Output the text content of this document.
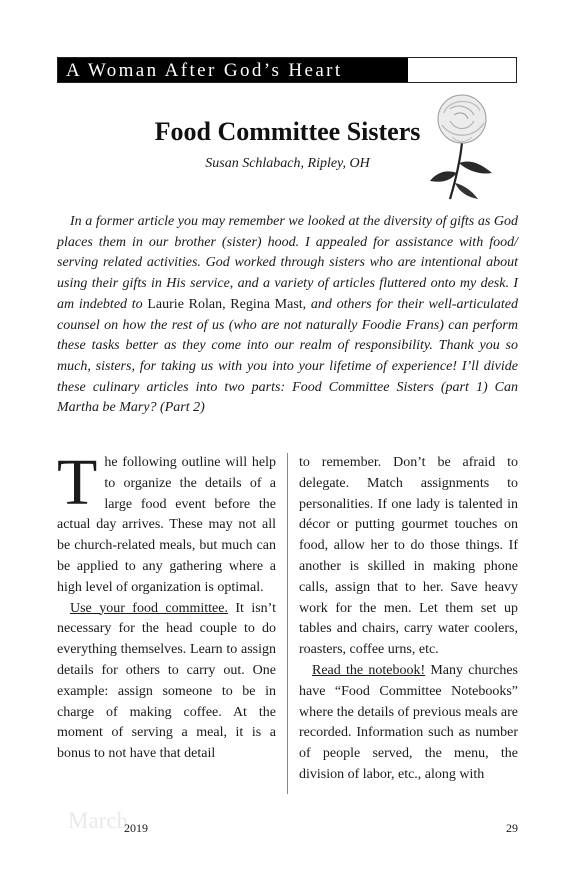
A Woman After God’s Heart
Food Committee Sisters
Susan Schlabach, Ripley, OH

In a former article you may remember we looked at the diversity of gifts as God places them in our brother (sister) hood. I appealed for assistance with food/ serving related activities. God worked through sisters who are intentional about using their gifts in His service, and a variety of articles fluttered onto my desk. I am indebted to Laurie Rolan, Regina Mast, and others for their well-articulated counsel on how the rest of us (who are not naturally Foodie Frans) can perform these tasks better as they come into our realm of responsibility. Thank you so much, sisters, for taking us with you into your lifetime of experience! I’ll divide these culinary articles into two parts: Food Committee Sisters (part 1) Can Martha be Mary? (Part 2)

The following outline will help to organize the details of a large food event before the actual day arrives. These may not all be church-related meals, but much can be applied to any gathering where a high level of organization is optimal.

Use your food committee. It isn’t necessary for the head couple to do everything themselves. Learn to assign details for others to carry out. One example: assign someone to be in charge of making coffee. At the moment of serving a meal, it is a bonus to not have that detail

to remember. Don’t be afraid to delegate. Match assignments to personalities. If one lady is talented in décor or putting gourmet touches on food, allow her to do those things. If another is skilled in making phone calls, assign that to her. Save heavy work for the men. Let them set up tables and chairs, carry water coolers, roasters, coffee urns, etc.

Read the notebook! Many churches have “Food Committee Notebooks” where the details of previous meals are recorded. Information such as number of people served, the menu, the division of labor, etc., along with

March
2019	29
